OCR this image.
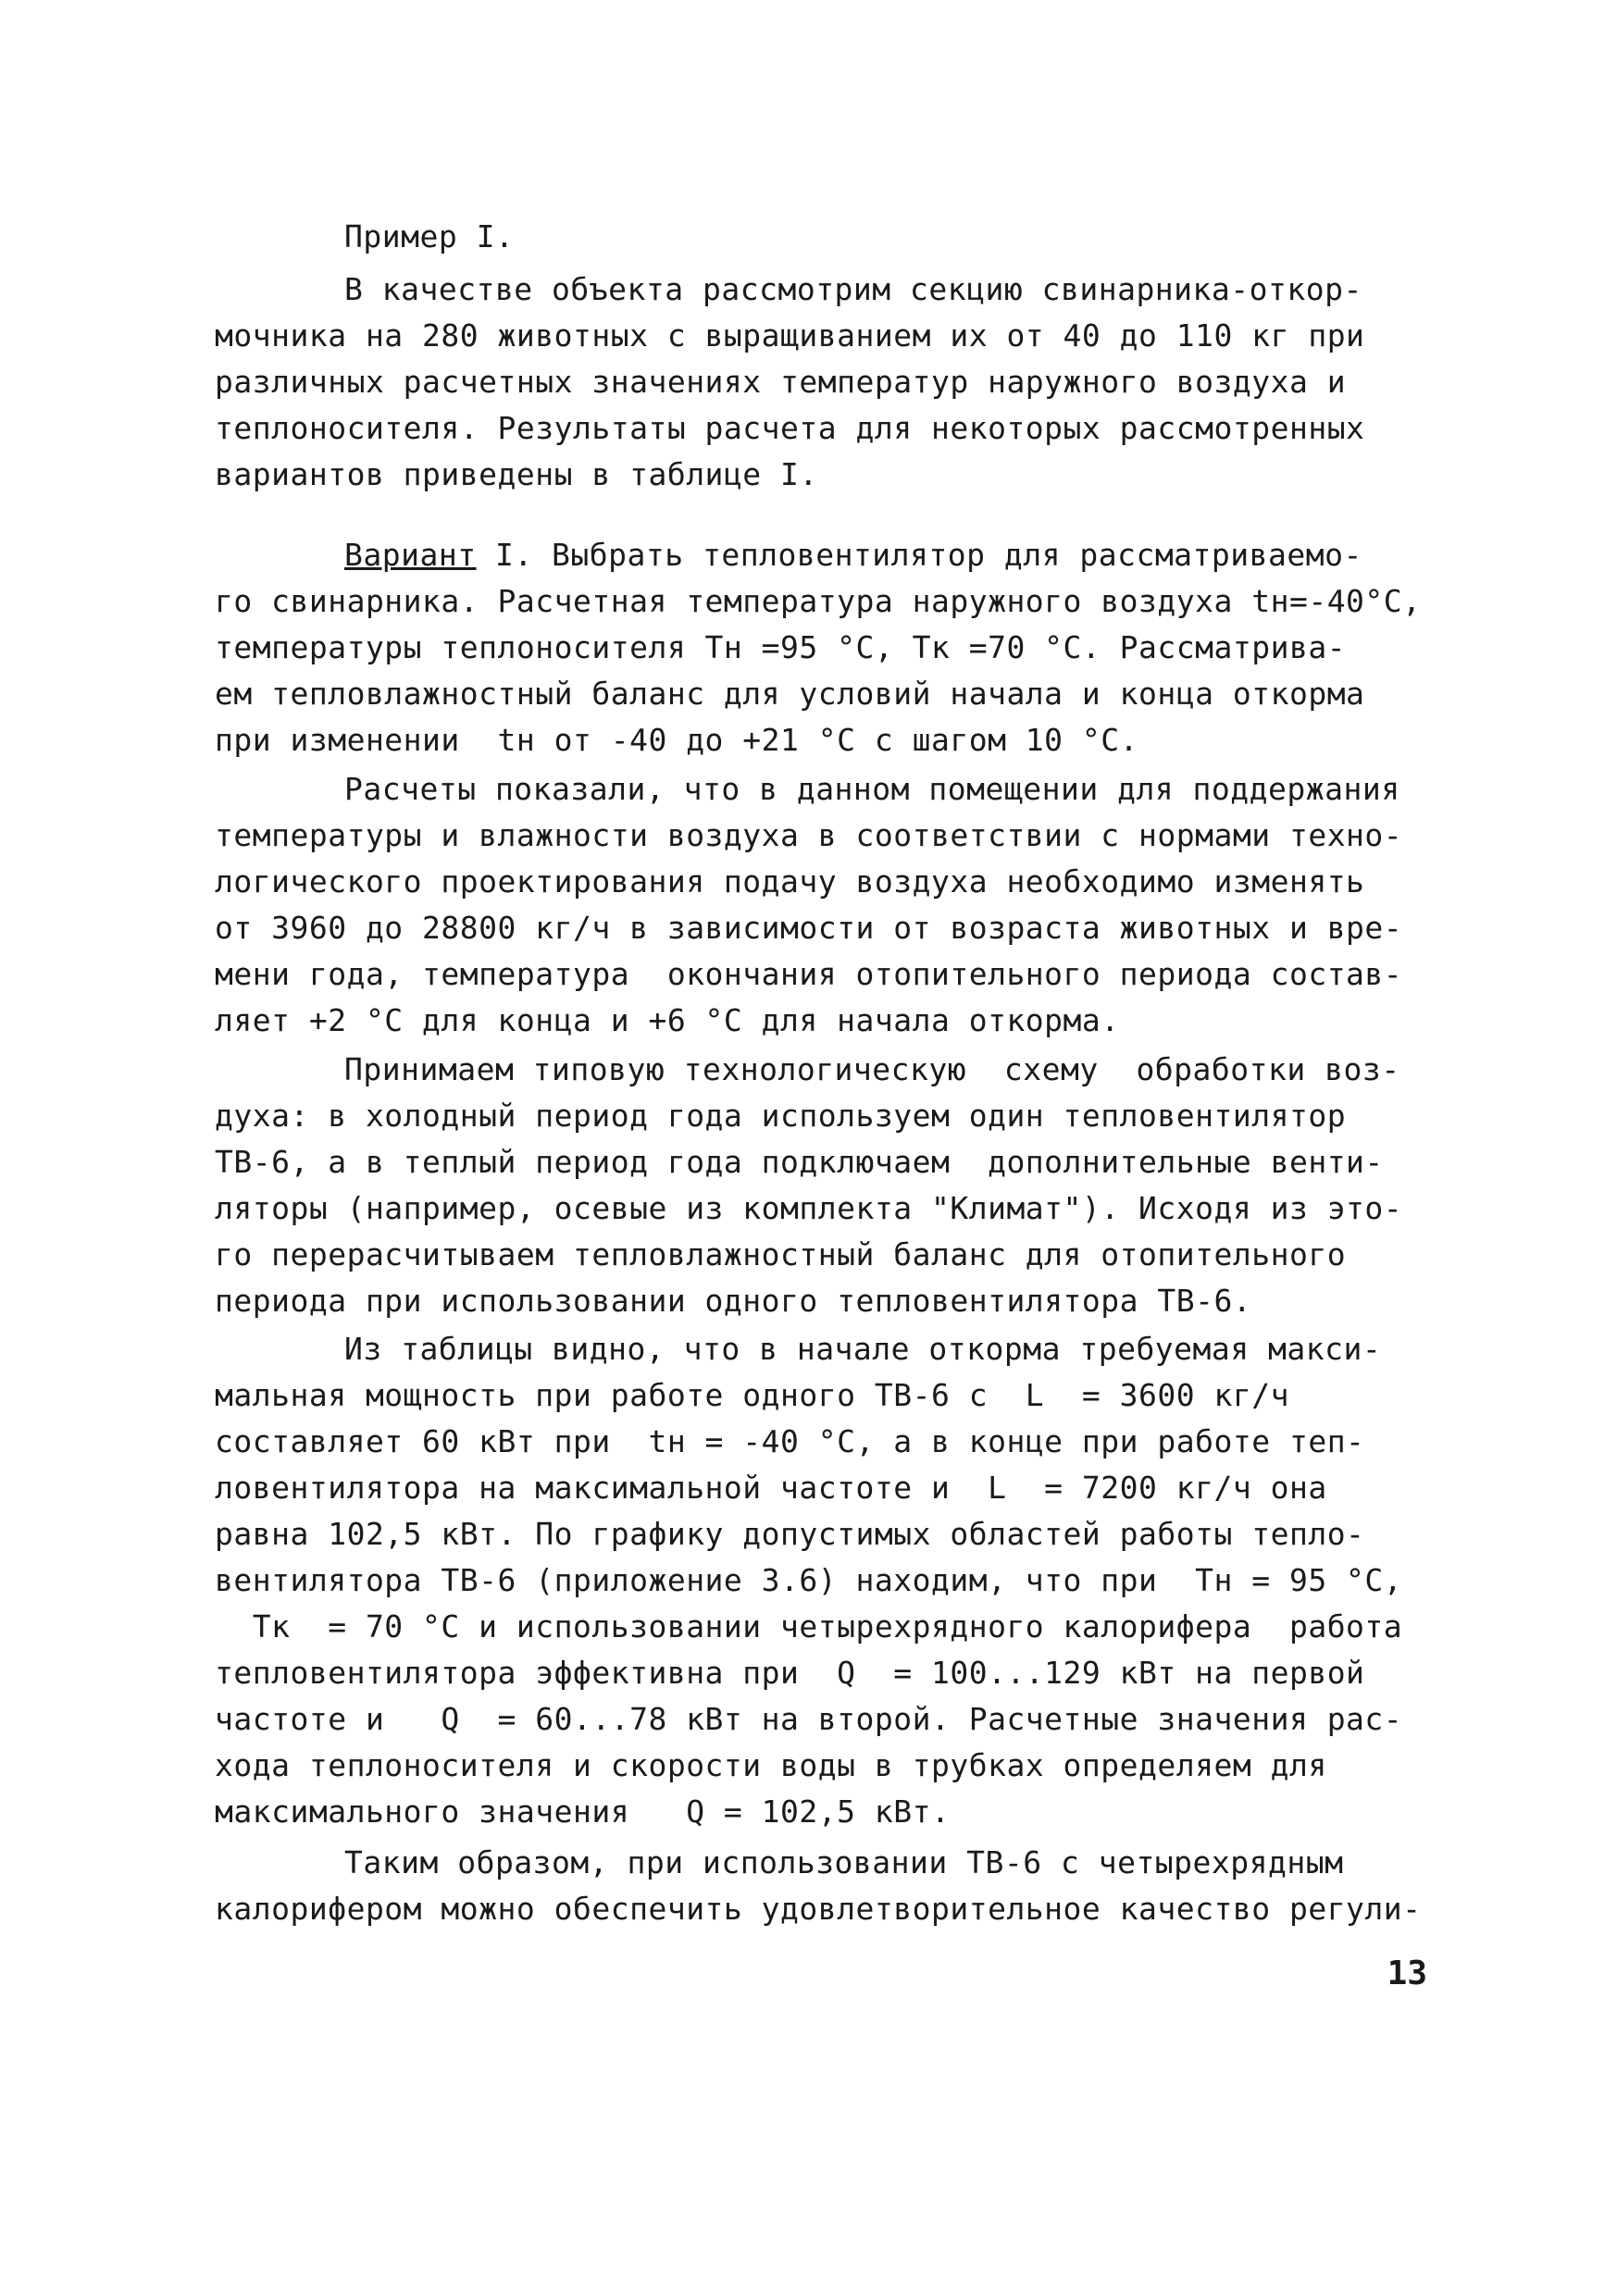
Пример I.
В качестве объекта рассмотрим секцию свинарника-откор-
мочника на 280 животных с выращиванием их от 40 до 110 кг при
различных расчетных значениях температур наружного воздуха и
теплоносителя. Результаты расчета для некоторых рассмотренных
вариантов приведены в таблице I.
Вариант I. Выбрать тепловентилятор для рассматриваемо-
го свинарника. Расчетная температура наружного воздуха tн=-40°С,
температуры теплоносителя Тн =95 °С, Тк =70 °С. Рассматрива-
ем тепловлажностный баланс для условий начала и конца откорма
при изменении  tн от -40 до +21 °С с шагом 10 °С.
Расчеты показали, что в данном помещении для поддержания
температуры и влажности воздуха в соответствии с нормами техно-
логического проектирования подачу воздуха необходимо изменять
от 3960 до 28800 кг/ч в зависимости от возраста животных и вре-
мени года, температура  окончания отопительного периода состав-
ляет +2 °С для конца и +6 °С для начала откорма.
Принимаем типовую технологическую  схему  обработки воз-
духа: в холодный период года используем один тепловентилятор
ТВ-6, а в теплый период года подключаем  дополнительные венти-
ляторы (например, осевые из комплекта "Климат"). Исходя из это-
го перерасчитываем тепловлажностный баланс для отопительного
периода при использовании одного тепловентилятора ТВ-6.
Из таблицы видно, что в начале откорма требуемая макси-
мальная мощность при работе одного ТВ-6 с  L  = 3600 кг/ч
составляет 60 кВт при  tн = -40 °С, а в конце при работе теп-
ловентилятора на максимальной частоте и  L  = 7200 кг/ч она
равна 102,5 кВт. По графику допустимых областей работы тепло-
вентилятора ТВ-6 (приложение 3.6) находим, что при  Тн = 95 °С,
Тк  = 70 °С и использовании четырехрядного калорифера  работа
тепловентилятора эффективна при  Q  = 100...129 кВт на первой
частоте и   Q  = 60...78 кВт на второй. Расчетные значения рас-
хода теплоносителя и скорости воды в трубках определяем для
максимального значения   Q = 102,5 кВт.
Таким образом, при использовании ТВ-6 с четырехрядным
калорифером можно обеспечить удовлетворительное качество регули-
13
